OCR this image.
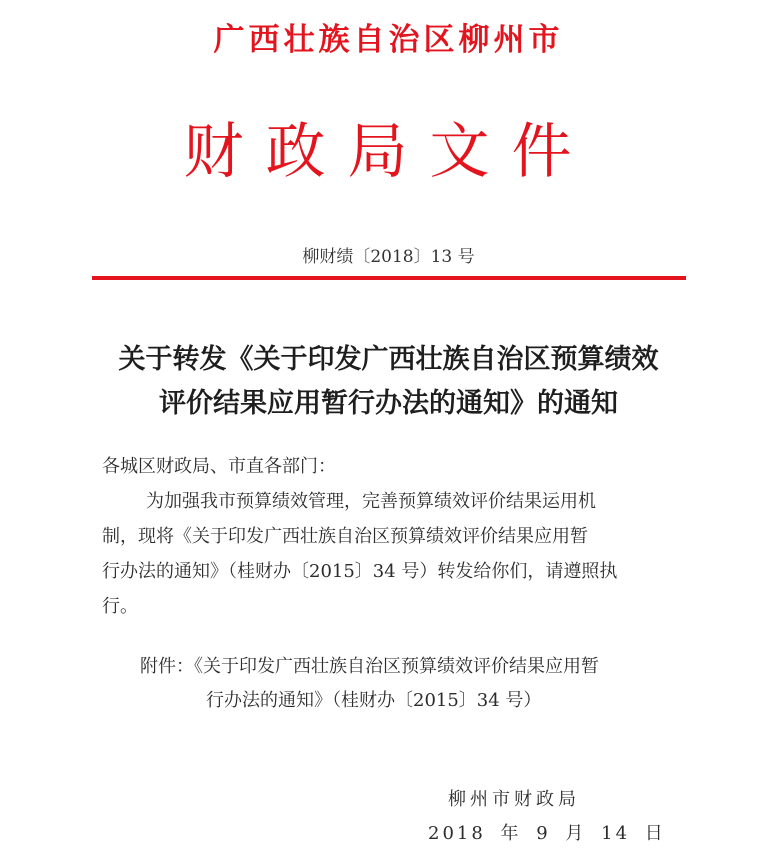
广西壮族自治区柳州市
财政局文件
柳财绩〔2018〕13 号
关于转发《关于印发广西壮族自治区预算绩效
评价结果应用暂行办法的通知》的通知
各城区财政局、市直各部门：
为加强我市预算绩效管理，完善预算绩效评价结果运用机
制，现将《关于印发广西壮族自治区预算绩效评价结果应用暂
行办法的通知》（桂财办〔2015〕34 号）转发给你们，请遵照执
行。
附件：《关于印发广西壮族自治区预算绩效评价结果应用暂
行办法的通知》（桂财办〔2015〕34 号）
柳州市财政局
2018 年 9 月 14 日
